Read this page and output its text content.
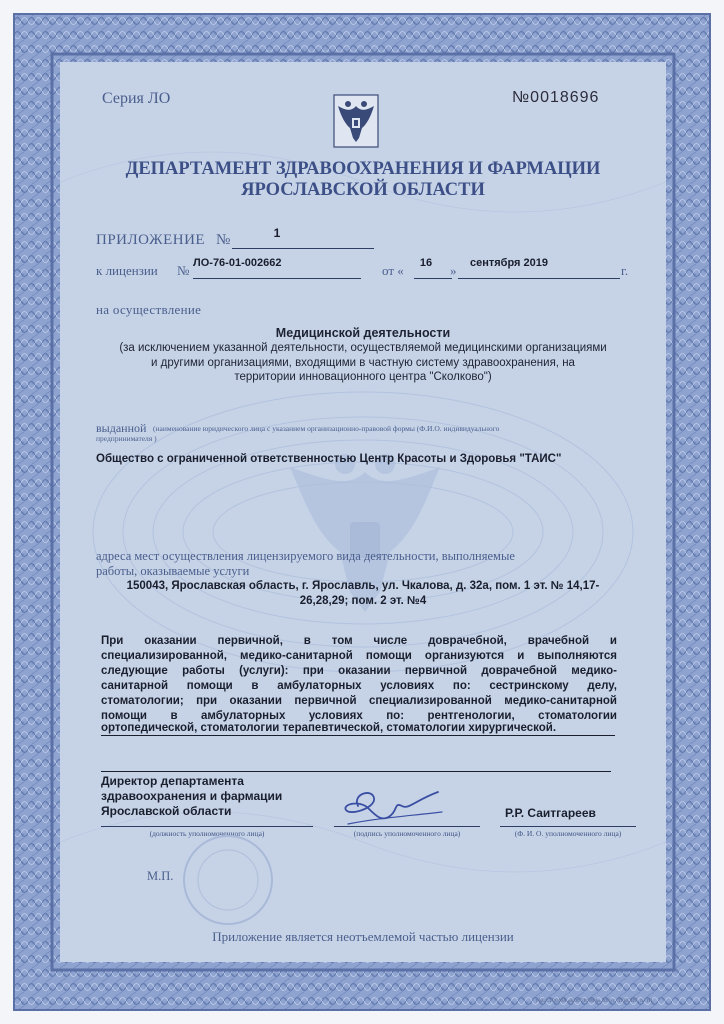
Серия ЛО	№0018696
ДЕПАРТАМЕНТ ЗДРАВООХРАНЕНИЯ И ФАРМАЦИИ
ЯРОСЛАВСКОЙ ОБЛАСТИ
ПРИЛОЖЕНИЕ №	1
к лицензии № ЛО-76-01-002662	от «	16	» сентября 2019	г.
на осуществление
Медицинской деятельности
(за исключением указанной деятельности, осуществляемой медицинскими организациями
и другими организациями, входящими в частную систему здравоохранения, на
территории инновационного центра "Сколково")
выданной (наименование юридического лица с указанием организационно-правовой формы (Ф.И.О. индивидуального
предпринимателя )
Общество с ограниченной ответственностью Центр Красоты и Здоровья "ТАИС"
адреса мест осуществления лицензируемого вида деятельности, выполняемые
работы, оказываемые услуги
150043, Ярославская область, г. Ярославль, ул. Чкалова, д. 32а, пом. 1 эт. № 14,17-
26,28,29; пом. 2 эт. №4
При оказании первичной, в том числе доврачебной, врачебной и
специализированной, медико-санитарной помощи организуются и выполняются
следующие работы (услуги): при оказании первичной доврачебной медико-
санитарной помощи в амбулаторных условиях по: сестринскому делу,
стоматологии; при оказании первичной специализированной медико-санитарной
помощи в амбулаторных условиях по: рентгенологии, стоматологии
ортопедической, стоматологии терапевтической, стоматологии хирургической.
Директор департамента
здравоохранения и фармации
Ярославской области
(должность уполномоченного лица)	(подпись уполномоченного лица)
Р.Р. Саитгареев
(Ф. И. О. уполномоченного лица)
М.П.
Приложение является неотъемлемой частью лицензии
г.КОСТРОМА «КОСТРОМА» 2016 г. ЛУКОЙЛ, № 1Ц
